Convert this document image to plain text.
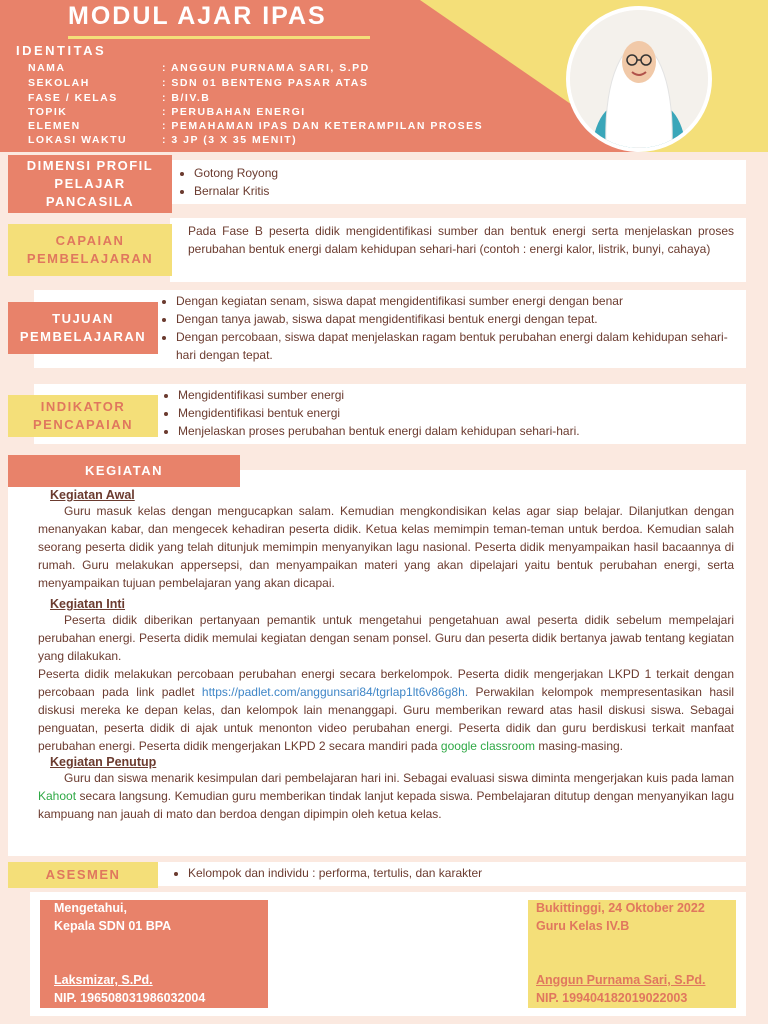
MODUL AJAR IPAS
IDENTITAS
NAMA	: ANGGUN PURNAMA SARI, S.PD
SEKOLAH	: SDN 01 BENTENG PASAR ATAS
FASE / KELAS	: B/IV.B
TOPIK	: PERUBAHAN ENERGI
ELEMEN	: PEMAHAMAN IPAS DAN KETERAMPILAN PROSES
LOKASI WAKTU	: 3 JP (3 X 35 MENIT)
• Gotong Royong
• Bernalar Kritis
DIMENSI PROFIL PELAJAR PANCASILA
Pada Fase B peserta didik mengidentifikasi sumber dan bentuk energi serta menjelaskan proses perubahan bentuk energi dalam kehidupan sehari-hari (contoh : energi kalor, listrik, bunyi, cahaya)
CAPAIAN PEMBELAJARAN
• Dengan kegiatan senam, siswa dapat mengidentifikasi sumber energi dengan benar
• Dengan tanya jawab, siswa dapat mengidentifikasi bentuk energi dengan tepat.
• Dengan percobaan, siswa dapat menjelaskan ragam bentuk perubahan energi dalam kehidupan sehari-hari dengan tepat.
TUJUAN PEMBELAJARAN
• Mengidentifikasi sumber energi
• Mengidentifikasi bentuk energi
• Menjelaskan proses perubahan bentuk energi dalam kehidupan sehari-hari.
INDIKATOR PENCAPAIAN
KEGIATAN
Kegiatan Awal
Guru masuk kelas dengan mengucapkan salam. Kemudian mengkondisikan kelas agar siap belajar. Dilanjutkan dengan menanyakan kabar, dan mengecek kehadiran peserta didik. Ketua kelas memimpin teman-teman untuk berdoa. Kemudian salah seorang peserta didik yang telah ditunjuk memimpin menyanyikan lagu nasional. Peserta didik menyampaikan hasil bacaannya di rumah. Guru melakukan appersepsi, dan menyampaikan materi yang akan dipelajari yaitu bentuk perubahan energi, serta menyampaikan tujuan pembelajaran yang akan dicapai.
Kegiatan Inti
Peserta didik diberikan pertanyaan pemantik untuk mengetahui pengetahuan awal peserta didik sebelum mempelajari perubahan energi. Peserta didik memulai kegiatan dengan senam ponsel. Guru dan peserta didik bertanya jawab tentang kegiatan yang dilakukan.
Peserta didik melakukan percobaan perubahan energi secara berkelompok. Peserta didik mengerjakan LKPD 1 terkait dengan percobaan pada link padlet https://padlet.com/anggunsari84/tgrlap1lt6v86g8h. Perwakilan kelompok mempresentasikan hasil diskusi mereka ke depan kelas, dan kelompok lain menanggapi. Guru memberikan reward atas hasil diskusi siswa. Sebagai penguatan, peserta didik di ajak untuk menonton video perubahan energi. Peserta didik dan guru berdiskusi terkait manfaat perubahan energi. Peserta didik mengerjakan LKPD 2 secara mandiri pada google classroom masing-masing.
Kegiatan Penutup
Guru dan siswa menarik kesimpulan dari pembelajaran hari ini. Sebagai evaluasi siswa diminta mengerjakan kuis pada laman Kahoot secara langsung. Kemudian guru memberikan tindak lanjut kepada siswa. Pembelajaran ditutup dengan menyanyikan lagu kampuang nan jauah di mato dan berdoa dengan dipimpin oleh ketua kelas.
• Kelompok dan individu : performa, tertulis, dan karakter
ASESMEN
Mengetahui,
Kepala SDN 01 BPA
Laksmizar, S.Pd.
NIP. 196508031986032004
Bukittinggi, 24 Oktober 2022
Guru Kelas IV.B
Anggun Purnama Sari, S.Pd.
NIP. 199404182019022003
